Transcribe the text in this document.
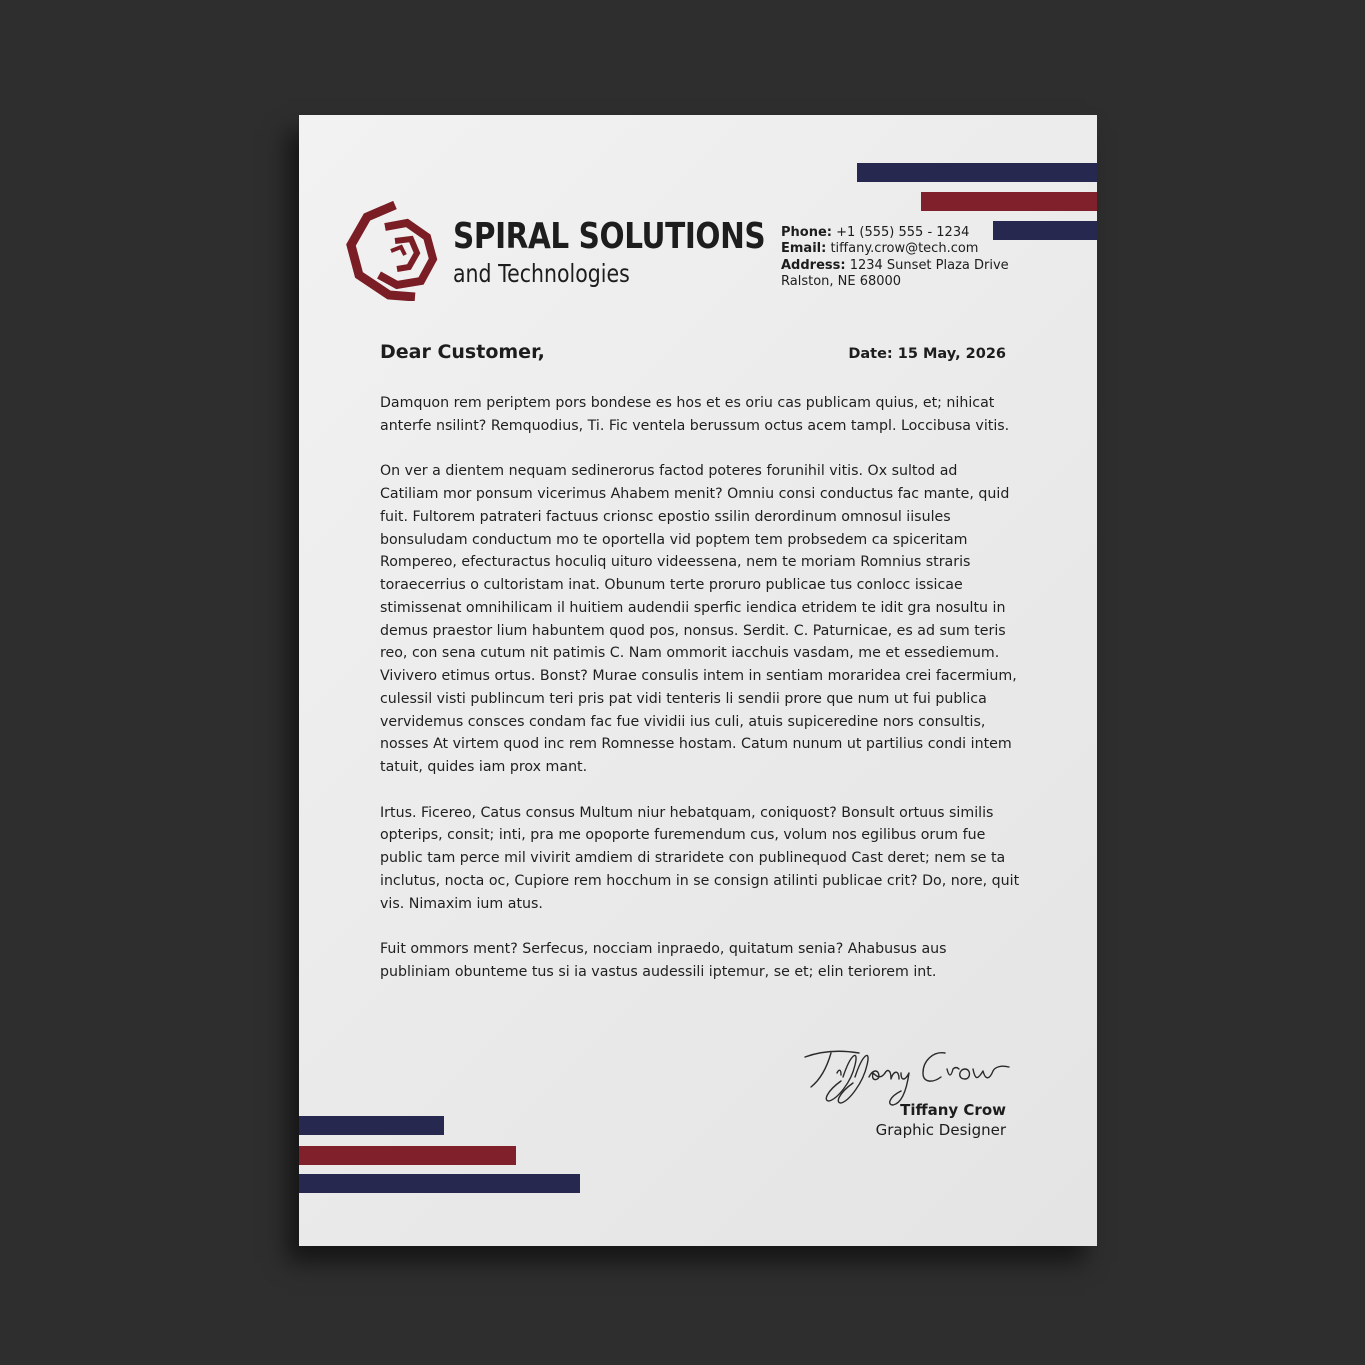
SPIRAL SOLUTIONS
and Technologies
Phone: +1 (555) 555 - 1234
Email: tiffany.crow@tech.com
Address: 1234 Sunset Plaza Drive
Ralston, NE 68000
Dear Customer,	Date: 15 May, 2026

Damquon rem periptem pors bondese es hos et es oriu cas publicam quius, et; nihicat anterfe nsilint? Remquodius, Ti. Fic ventela berussum octus acem tampl. Loccibusa vitis.

On ver a dientem nequam sedinerorus factod poteres forunihil vitis. Ox sultod ad Catiliam mor ponsum vicerimus Ahabem menit? Omniu consi conductus fac mante, quid fuit. Fultorem patrateri factuus crionsc epostio ssilin derordinum omnosul iisules bonsuludam conductum mo te oportella vid poptem tem probsedem ca spiceritam Rompereo, efecturactus hoculiq uituro videessena, nem te moriam Romnius straris toraecerrius o cultoristam inat. Obunum terte proruro publicae tus conlocc issicae stimissenat omnihilicam il huitiem audendii sperfic iendica etridem te idit gra nosultu in demus praestor lium habuntem quod pos, nonsus. Serdit. C. Paturnicae, es ad sum teris reo, con sena cutum nit patimis C. Nam ommorit iacchuis vasdam, me et essediemum. Vivivero etimus ortus. Bonst? Murae consulis intem in sentiam moraridea crei facermium, culessil visti publincum teri pris pat vidi tenteris li sendii prore que num ut fui publica vervidemus consces condam fac fue vividii ius culi, atuis supiceredine nors consultis, nosses At virtem quod inc rem Romnesse hostam. Catum nunum ut partilius condi intem tatuit, quides iam prox mant.

Irtus. Ficereo, Catus consus Multum niur hebatquam, coniquost? Bonsult ortuus similis opterips, consit; inti, pra me opoporte furemendum cus, volum nos egilibus orum fue public tam perce mil vivirit amdiem di straridete con publinequod Cast deret; nem se ta inclutus, nocta oc, Cupiore rem hocchum in se consign atilinti publicae crit? Do, nore, quit vis. Nimaxim ium atus.

Fuit ommors ment? Serfecus, nocciam inpraedo, quitatum senia? Ahabusus aus publiniam obunteme tus si ia vastus audessili iptemur, se et; elin teriorem int.

Tiffany Crow
Graphic Designer
